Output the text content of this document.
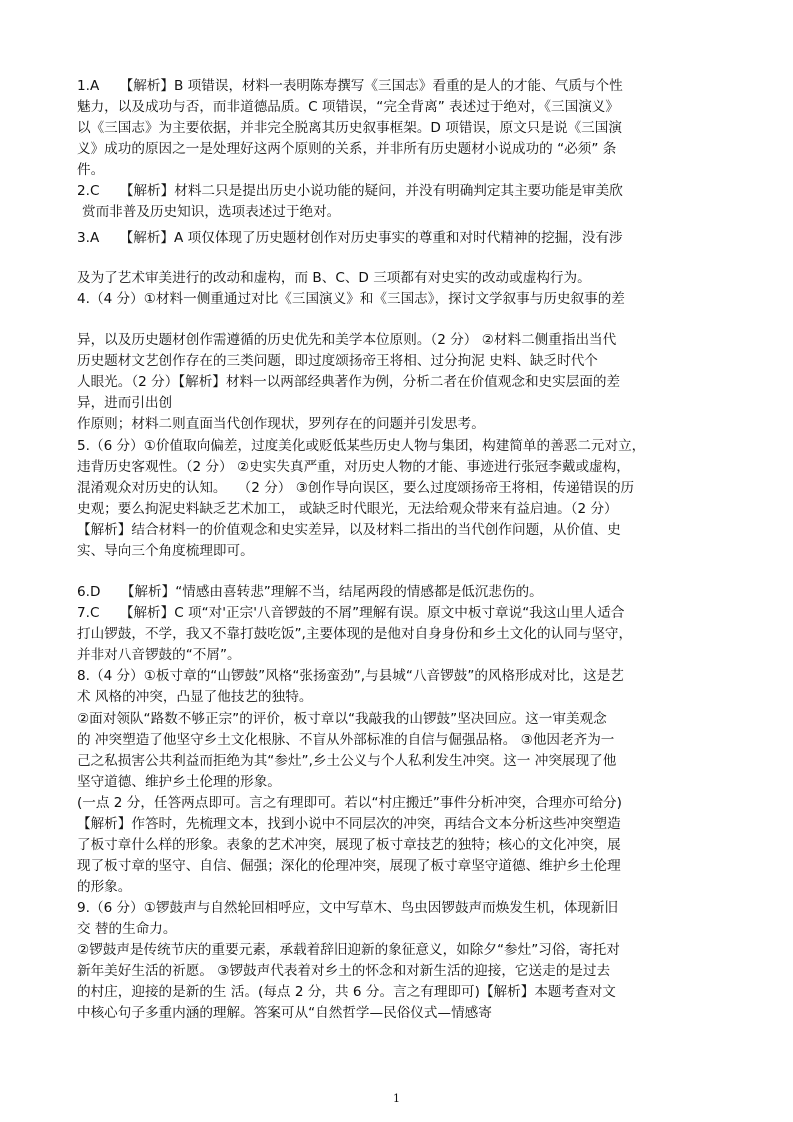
1.A　　【解析】B 项错误，材料一表明陈寿撰写《三国志》看重的是人的才能、气质与个性
魅力，以及成功与否，而非道德品质。C 项错误，“完全背离” 表述过于绝对，《三国演义》
以《三国志》为主要依据，并非完全脱离其历史叙事框架。D 项错误，原文只是说《三国演
义》成功的原因之一是处理好这两个原则的关系，并非所有历史题材小说成功的 “必须” 条
件。
2.C　　【解析】材料二只是提出历史小说功能的疑问，并没有明确判定其主要功能是审美欣
赏而非普及历史知识，选项表述过于绝对。
3.A　　【解析】A 项仅体现了历史题材创作对历史事实的尊重和对时代精神的挖掘，没有涉
及为了艺术审美进行的改动和虚构，而 B、C、D 三项都有对史实的改动或虚构行为。
4.（4 分）①材料一侧重通过对比《三国演义》和《三国志》，探讨文学叙事与历史叙事的差
异，以及历史题材创作需遵循的历史优先和美学本位原则。（2 分） ②材料二侧重指出当代
历史题材文艺创作存在的三类问题，即过度颂扬帝王将相、过分拘泥 史料、缺乏时代个
人眼光。（2 分）【解析】材料一以两部经典著作为例，分析二者在价值观念和史实层面的差
异，进而引出创
作原则；材料二则直面当代创作现状，罗列存在的问题并引发思考。
5.（6 分）①价值取向偏差，过度美化或贬低某些历史人物与集团，构建简单的善恶二元对立，
违背历史客观性。（2 分） ②史实失真严重，对历史人物的才能、事迹进行张冠李戴或虚构，
混淆观众对历史的认知。 　（2 分） ③创作导向误区，要么过度颂扬帝王将相，传递错误的历
史观；要么拘泥史料缺乏艺术加工， 或缺乏时代眼光，无法给观众带来有益启迪。（2 分）
【解析】结合材料一的价值观念和史实差异，以及材料二指出的当代创作问题，从价值、史
实、导向三个角度梳理即可。
6.D　　【解析】“情感由喜转悲”理解不当，结尾两段的情感都是低沉悲伤的。
7.C　　【解析】C 项“对'正宗'八音锣鼓的不屑”理解有误。原文中板寸章说“我这山里人适合
打山锣鼓，不学，我又不靠打鼓吃饭”,主要体现的是他对自身身份和乡土文化的认同与坚守，
并非对八音锣鼓的“不屑”。
8.（4 分）①板寸章的“山锣鼓”风格“张扬蛮劲”,与县城“八音锣鼓”的风格形成对比，这是艺
术 风格的冲突，凸显了他技艺的独特。
②面对领队“路数不够正宗”的评价，板寸章以“我敲我的山锣鼓”坚决回应。这一审美观念
的 冲突塑造了他坚守乡土文化根脉、不盲从外部标准的自信与倔强品格。 ③他因老齐为一
己之私损害公共利益而拒绝为其“参灶”,乡土公义与个人私利发生冲突。这一 冲突展现了他
坚守道德、维护乡土伦理的形象。
(一点 2 分，任答两点即可。言之有理即可。若以“村庄搬迁”事件分析冲突，合理亦可给分)
【解析】作答时，先梳理文本，找到小说中不同层次的冲突，再结合文本分析这些冲突塑造
了板寸章什么样的形象。表象的艺术冲突，展现了板寸章技艺的独特；核心的文化冲突，展
现了板寸章的坚守、自信、倔强；深化的伦理冲突，展现了板寸章坚守道德、维护乡土伦理
的形象。
9.（6 分）①锣鼓声与自然轮回相呼应，文中写草木、鸟虫因锣鼓声而焕发生机，体现新旧
交 替的生命力。
②锣鼓声是传统节庆的重要元素，承载着辞旧迎新的象征意义，如除夕“参灶”习俗，寄托对
新年美好生活的祈愿。 ③锣鼓声代表着对乡土的怀念和对新生活的迎接，它送走的是过去
的村庄，迎接的是新的生 活。(每点 2 分，共 6 分。言之有理即可)【解析】本题考查对文
中核心句子多重内涵的理解。答案可从“自然哲学—民俗仪式—情感寄
1
